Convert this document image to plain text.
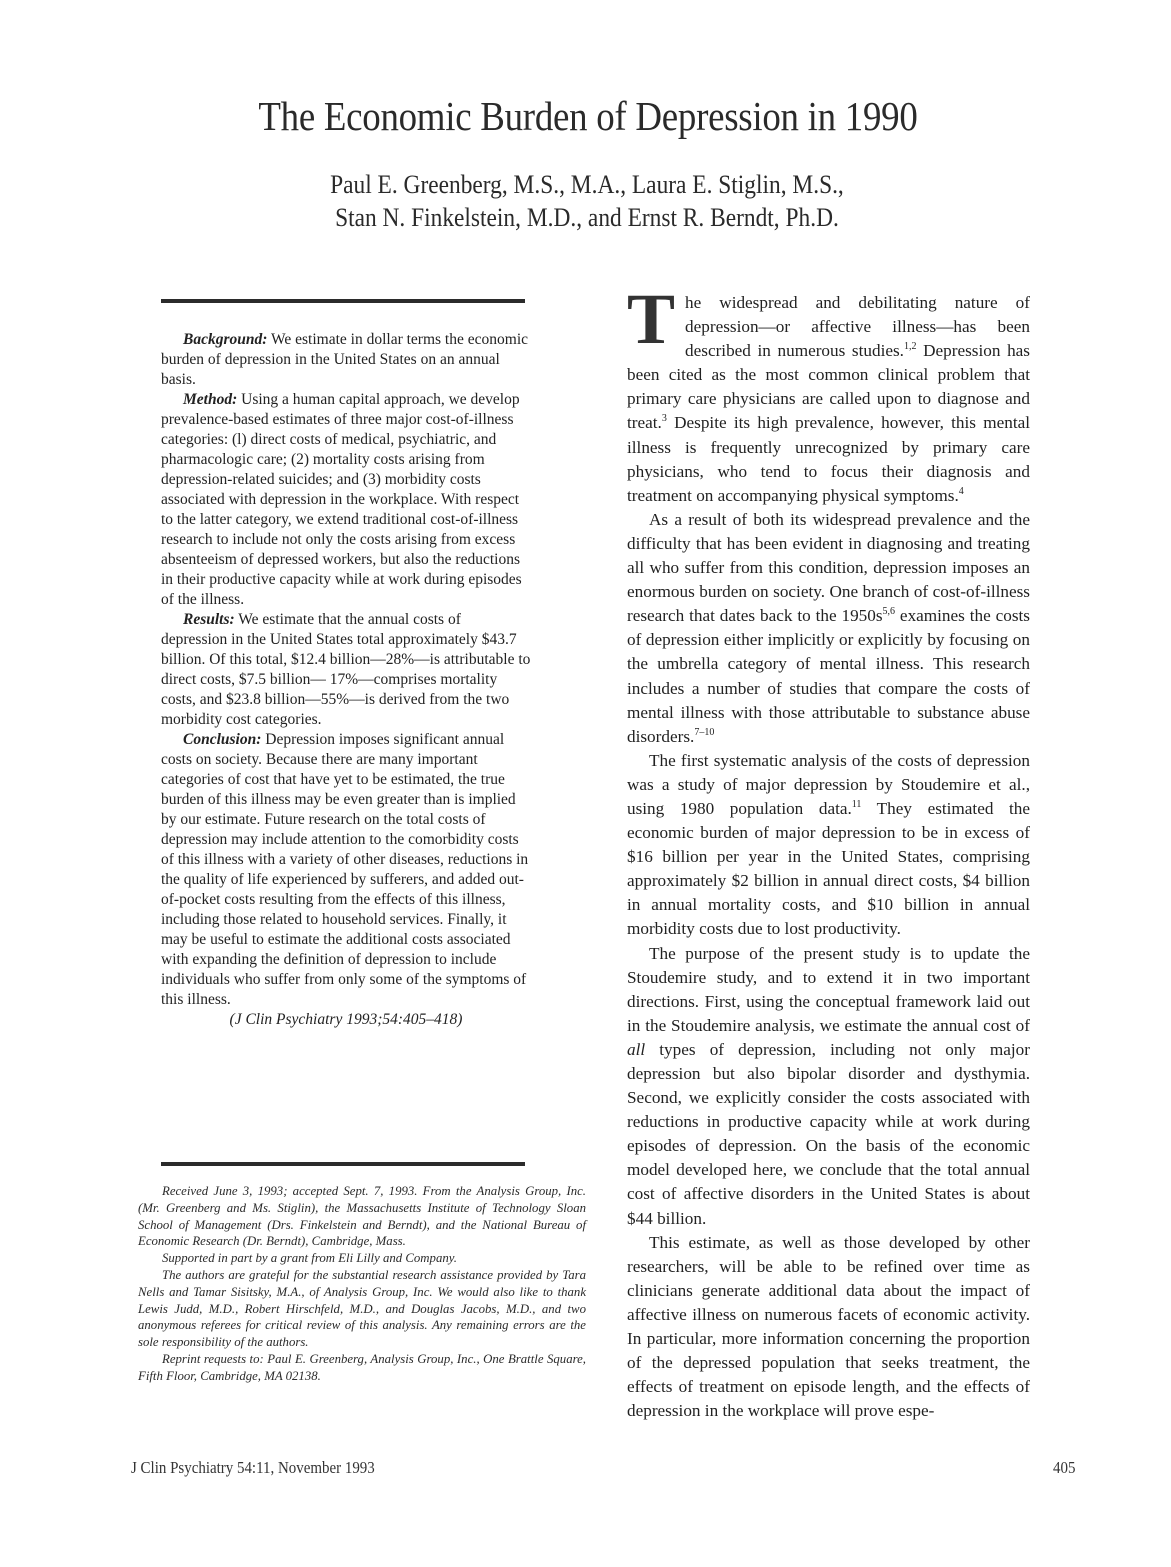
The Economic Burden of Depression in 1990
Paul E. Greenberg, M.S., M.A., Laura E. Stiglin, M.S.,
Stan N. Finkelstein, M.D., and Ernst R. Berndt, Ph.D.

Background: We estimate in dollar terms the economic burden of depression in the United States on an annual basis.

Method: Using a human capital approach, we develop prevalence-based estimates of three major cost-of-illness categories: (l) direct costs of medical, psychiatric, and pharmacologic care; (2) mortality costs arising from depression-related suicides; and (3) morbidity costs associated with depression in the workplace. With respect to the latter category, we extend traditional cost-of-illness research to include not only the costs arising from excess absenteeism of depressed workers, but also the reductions in their productive capacity while at work during episodes of the illness.

Results: We estimate that the annual costs of depression in the United States total approximately $43.7 billion. Of this total, $12.4 billion—28%—is attributable to direct costs, $7.5 billion— 17%—comprises mortality costs, and $23.8 billion—55%—is derived from the two morbidity cost categories.

Conclusion: Depression imposes significant annual costs on society. Because there are many important categories of cost that have yet to be estimated, the true burden of this illness may be even greater than is implied by our estimate. Future research on the total costs of depression may include attention to the comorbidity costs of this illness with a variety of other diseases, reductions in the quality of life experienced by sufferers, and added out-of-pocket costs resulting from the effects of this illness, including those related to household services. Finally, it may be useful to estimate the additional costs associated with expanding the definition of depression to include individuals who suffer from only some of the symptoms of this illness.

(J Clin Psychiatry 1993;54:405–418)

Received June 3, 1993; accepted Sept. 7, 1993. From the Analysis Group, Inc. (Mr. Greenberg and Ms. Stiglin), the Massachusetts Institute of Technology Sloan School of Management (Drs. Finkelstein and Berndt), and the National Bureau of Economic Research (Dr. Berndt), Cambridge, Mass.

Supported in part by a grant from Eli Lilly and Company.

The authors are grateful for the substantial research assistance provided by Tara Nells and Tamar Sisitsky, M.A., of Analysis Group, Inc. We would also like to thank Lewis Judd, M.D., Robert Hirschfeld, M.D., and Douglas Jacobs, M.D., and two anonymous referees for critical review of this analysis. Any remaining errors are the sole responsibility of the authors.

Reprint requests to: Paul E. Greenberg, Analysis Group, Inc., One Brattle Square, Fifth Floor, Cambridge, MA 02138.

The widespread and debilitating nature of depression—or affective illness—has been described in numerous studies.$^{1,2}$ Depression has been cited as the most common clinical problem that primary care physicians are called upon to diagnose and treat.$^3$ Despite its high prevalence, however, this mental illness is frequently unrecognized by primary care physicians, who tend to focus their diagnosis and treatment on accompanying physical symptoms.$^4$

As a result of both its widespread prevalence and the difficulty that has been evident in diagnosing and treating all who suffer from this condition, depression imposes an enormous burden on society. One branch of cost-of-illness research that dates back to the $1950s^{5,6}$ examines the costs of depression either implicitly or explicitly by focusing on the umbrella category of mental illness. This research includes a number of studies that compare the costs of mental illness with those attributable to substance abuse disorders.$^{7-10}$

The first systematic analysis of the costs of depression was a study of major depression by Stoudemire et al., using 1980 population data.$^{11}$ They estimated the economic burden of major depression to be in excess of $16 billion per year in the United States, comprising approximately $2 billion in annual direct costs, $4 billion in annual mortality costs, and $10 billion in annual morbidity costs due to lost productivity.

The purpose of the present study is to update the Stoudemire study, and to extend it in two important directions. First, using the conceptual framework laid out in the Stoudemire analysis, we estimate the annual cost of all types of depression, including not only major depression but also bipolar disorder and dysthymia. Second, we explicitly consider the costs associated with reductions in productive capacity while at work during episodes of depression. On the basis of the economic model developed here, we conclude that the total annual cost of affective disorders in the United States is about $44 billion.

This estimate, as well as those developed by other researchers, will be able to be refined over time as clinicians generate additional data about the impact of affective illness on numerous facets of economic activity. In particular, more information concerning the proportion of the depressed population that seeks treatment, the effects of treatment on episode length, and the effects of depression in the workplace will prove espe-

J Clin Psychiatry 54:11, November 1993	405
